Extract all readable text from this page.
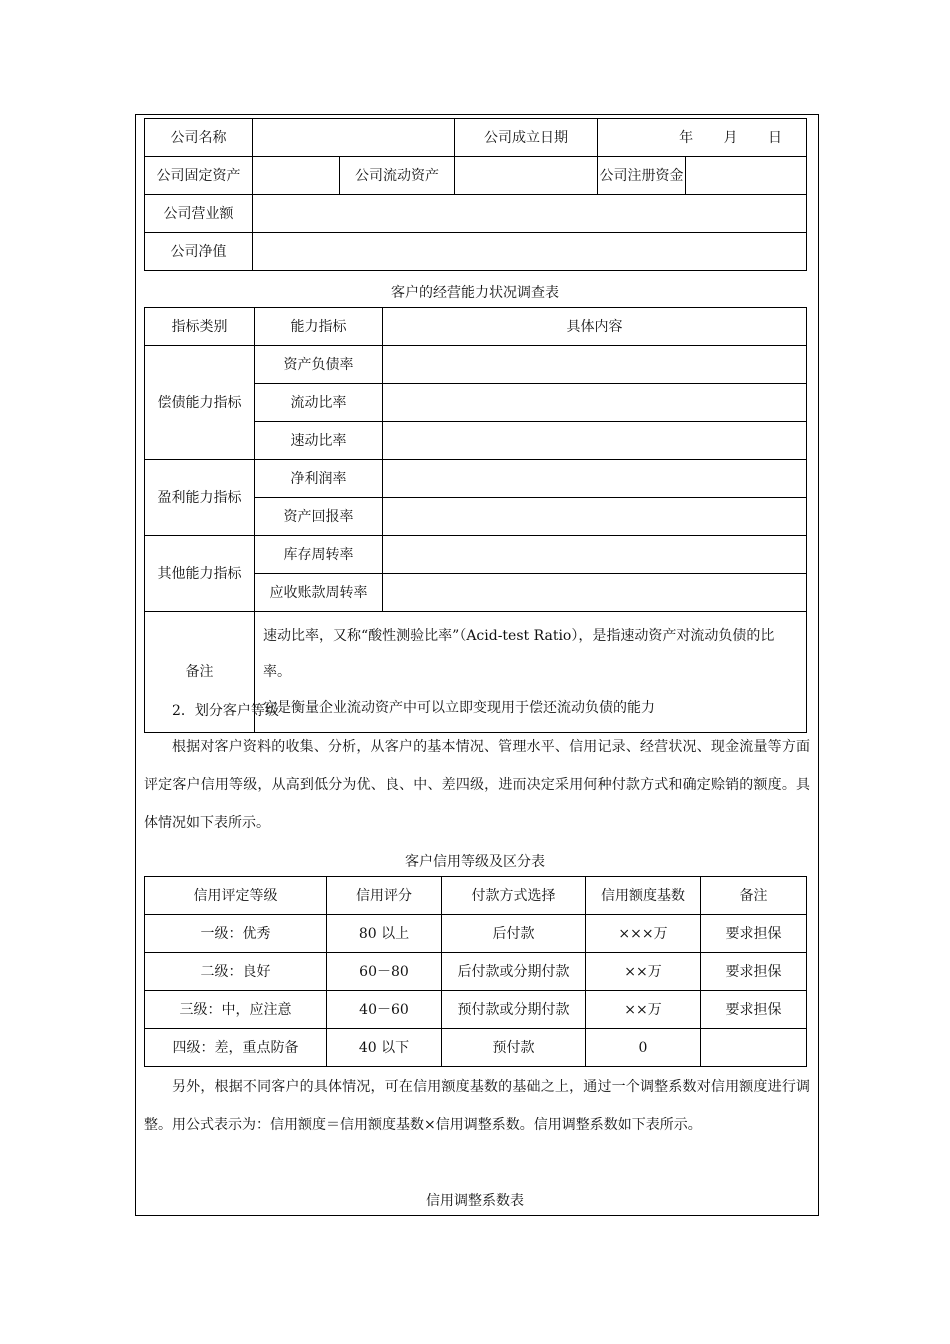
公司名称			公司成立日期	年 月 日	
公司固定资产		公司流动资产		公司注册资金	
公司营业额					
公司净值					
客户的经营能力状况调查表
指标类别	能力指标	具体内容
偿债能力指标	资产负债率	
	流动比率	
	速动比率	
盈利能力指标	净利润率	
	资产回报率	
其他能力指标	库存周转率	
	应收账款周转率	
备注	速动比率，又称“酸性测验比率”（Acid-test Ratio），是指速动资产对流动负债的比率。
它是衡量企业流动资产中可以立即变现用于偿还流动负债的能力	
2．划分客户等级

根据对客户资料的收集、分析，从客户的基本情况、管理水平、信用记录、经营状况、现金流量等方面评定客户信用等级，从高到低分为优、良、中、差四级，进而决定采用何种付款方式和确定赊销的额度。具体情况如下表所示。

客户信用等级及区分表
信用评定等级	信用评分	付款方式选择	信用额度基数	备注
一级：优秀	80 以上	后付款	×××万	要求担保
二级：良好	60－80	后付款或分期付款	××万	要求担保
三级：中，应注意	40－60	预付款或分期付款	××万	要求担保
四级：差，重点防备	40 以下	预付款	0	

另外，根据不同客户的具体情况，可在信用额度基数的基础之上，通过一个调整系数对信用额度进行调整。用公式表示为：信用额度＝信用额度基数×信用调整系数。信用调整系数如下表所示。

信用调整系数表
